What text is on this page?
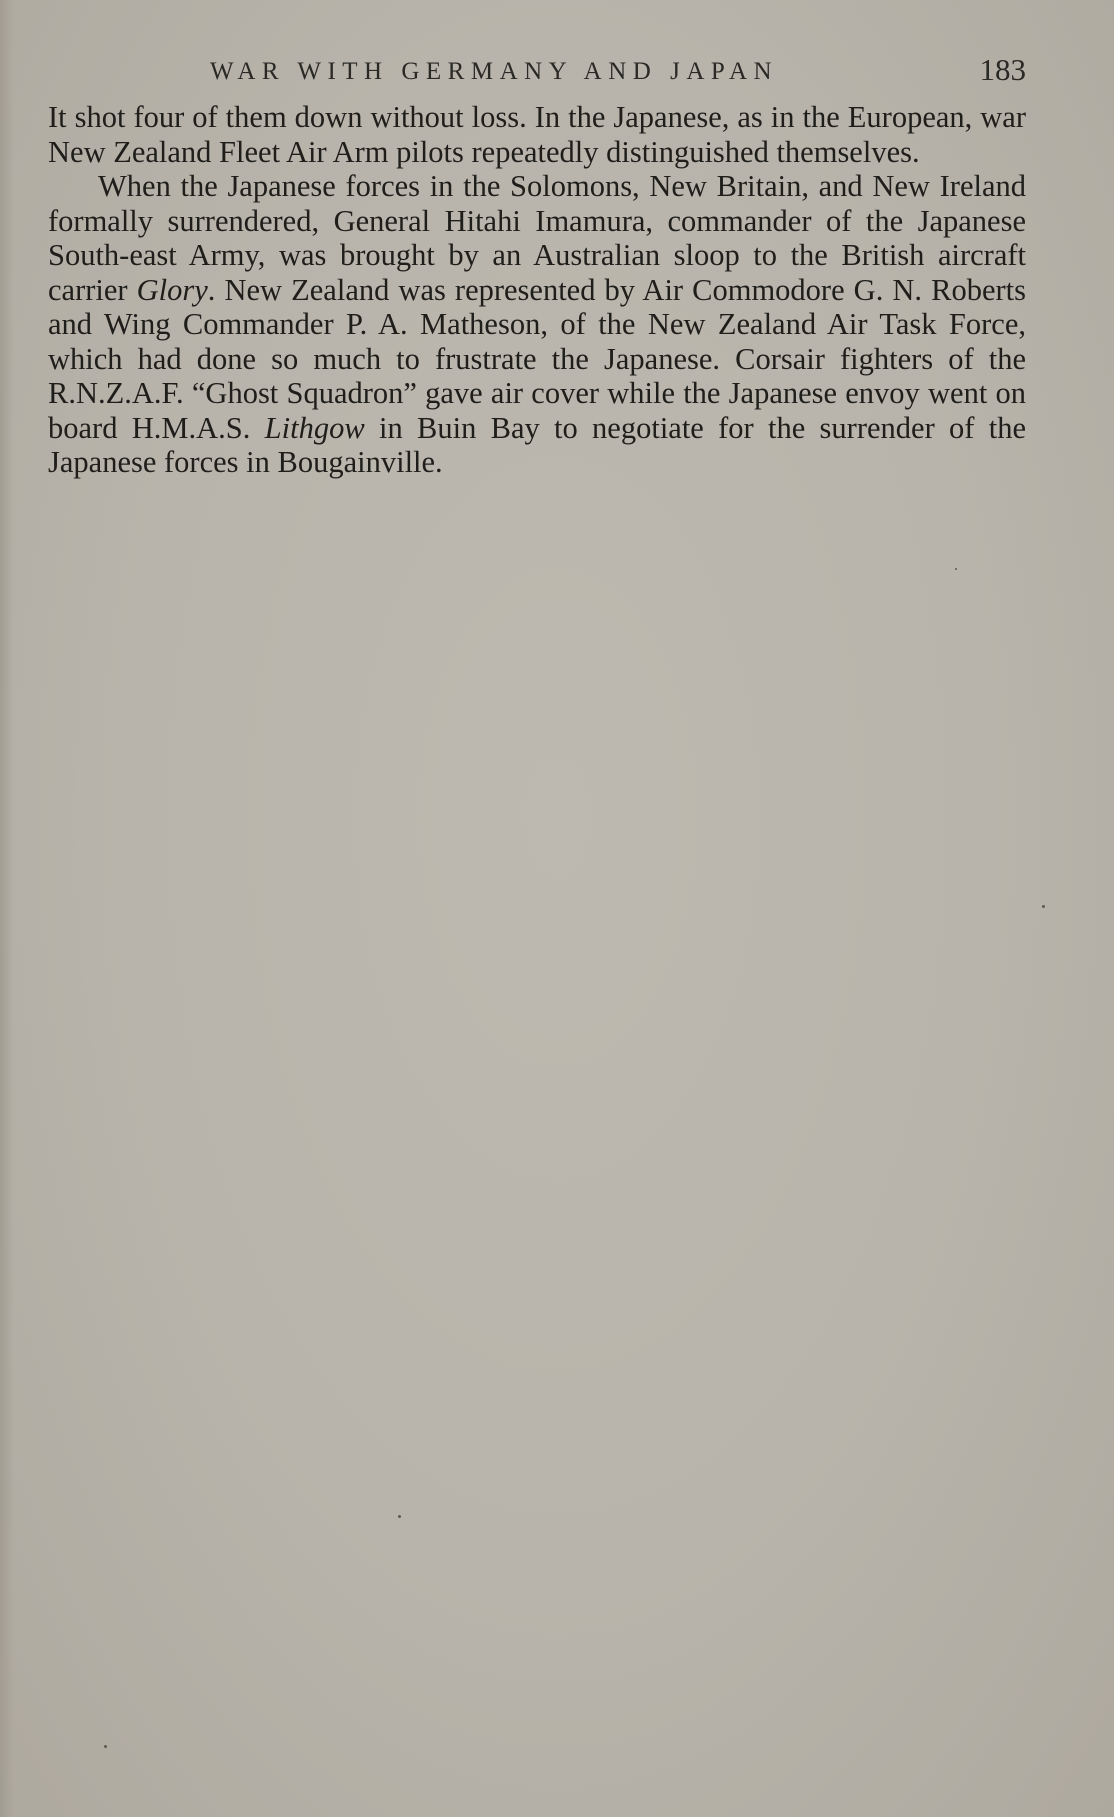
WAR WITH GERMANY AND JAPAN	183

It shot four of them down without loss. In the Japanese, as in the European, war New Zealand Fleet Air Arm pilots repeatedly distinguished themselves.

When the Japanese forces in the Solomons, New Britain, and New Ireland formally surrendered, General Hitahi Imamura, commander of the Japanese South-east Army, was brought by an Australian sloop to the British aircraft carrier Glory. New Zealand was represented by Air Commodore G. N. Roberts and Wing Commander P. A. Matheson, of the New Zealand Air Task Force, which had done so much to frustrate the Japanese. Corsair fighters of the R.N.Z.A.F. “Ghost Squadron” gave air cover while the Japanese envoy went on board H.M.A.S. Lithgow in Buin Bay to negotiate for the surrender of the Japanese forces in Bougainville.
